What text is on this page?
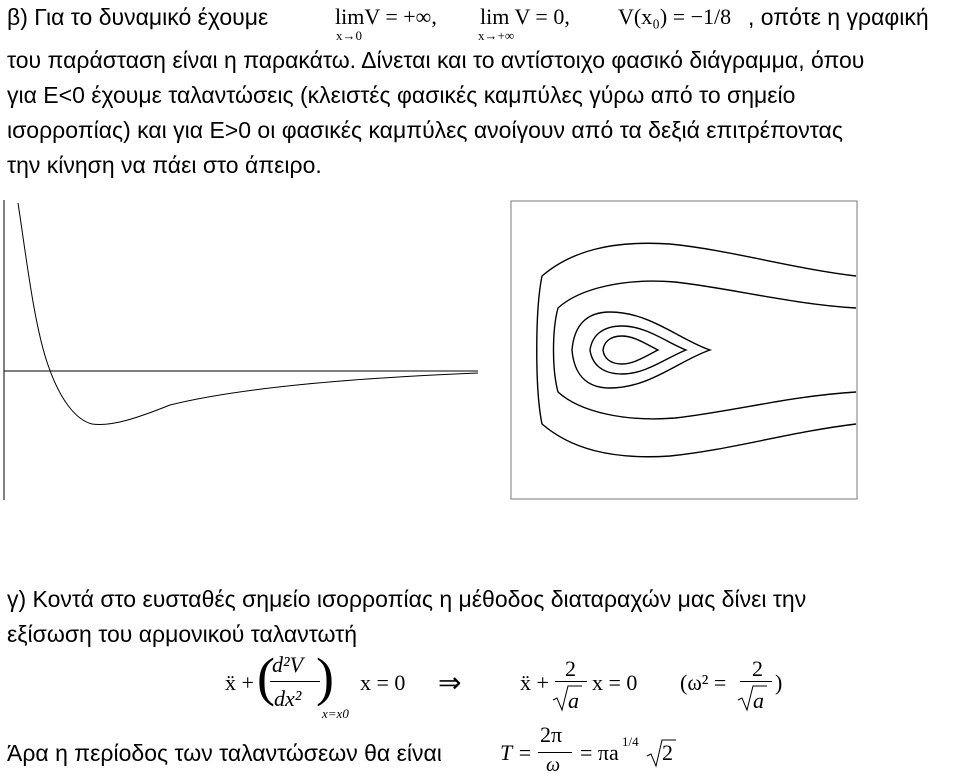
β) Για το δυναμικό έχουμε	limV = +∞,
x→0
lim V = 0,
x→+∞
V(x₀) = −1/8 , οπότε η γραφική
του παράσταση είναι η παρακάτω. Δίνεται και το αντίστοιχο φασικό διάγραμμα, όπου
για E<0 έχουμε ταλαντώσεις (κλειστές φασικές καμπύλες γύρω από το σημείο
ισορροπίας) και για E>0 οι φασικές καμπύλες ανοίγουν από τα δεξιά επιτρέποντας
την κίνηση να πάει στο άπειρο.
γ) Κοντά στο ευσταθές σημείο ισορροπίας η μέθοδος διαταραχών μας δίνει την
εξίσωση του αρμονικού ταλαντωτή
ẍ + (
d²V
dx² )
x=x0
x = 0 ⇒	ẍ +
2
a
x = 0 (ω² =
2
a
)
Άρα η περίοδος των ταλαντώσεων θα είναι	T =
2π
ω = πa 1/4 2
